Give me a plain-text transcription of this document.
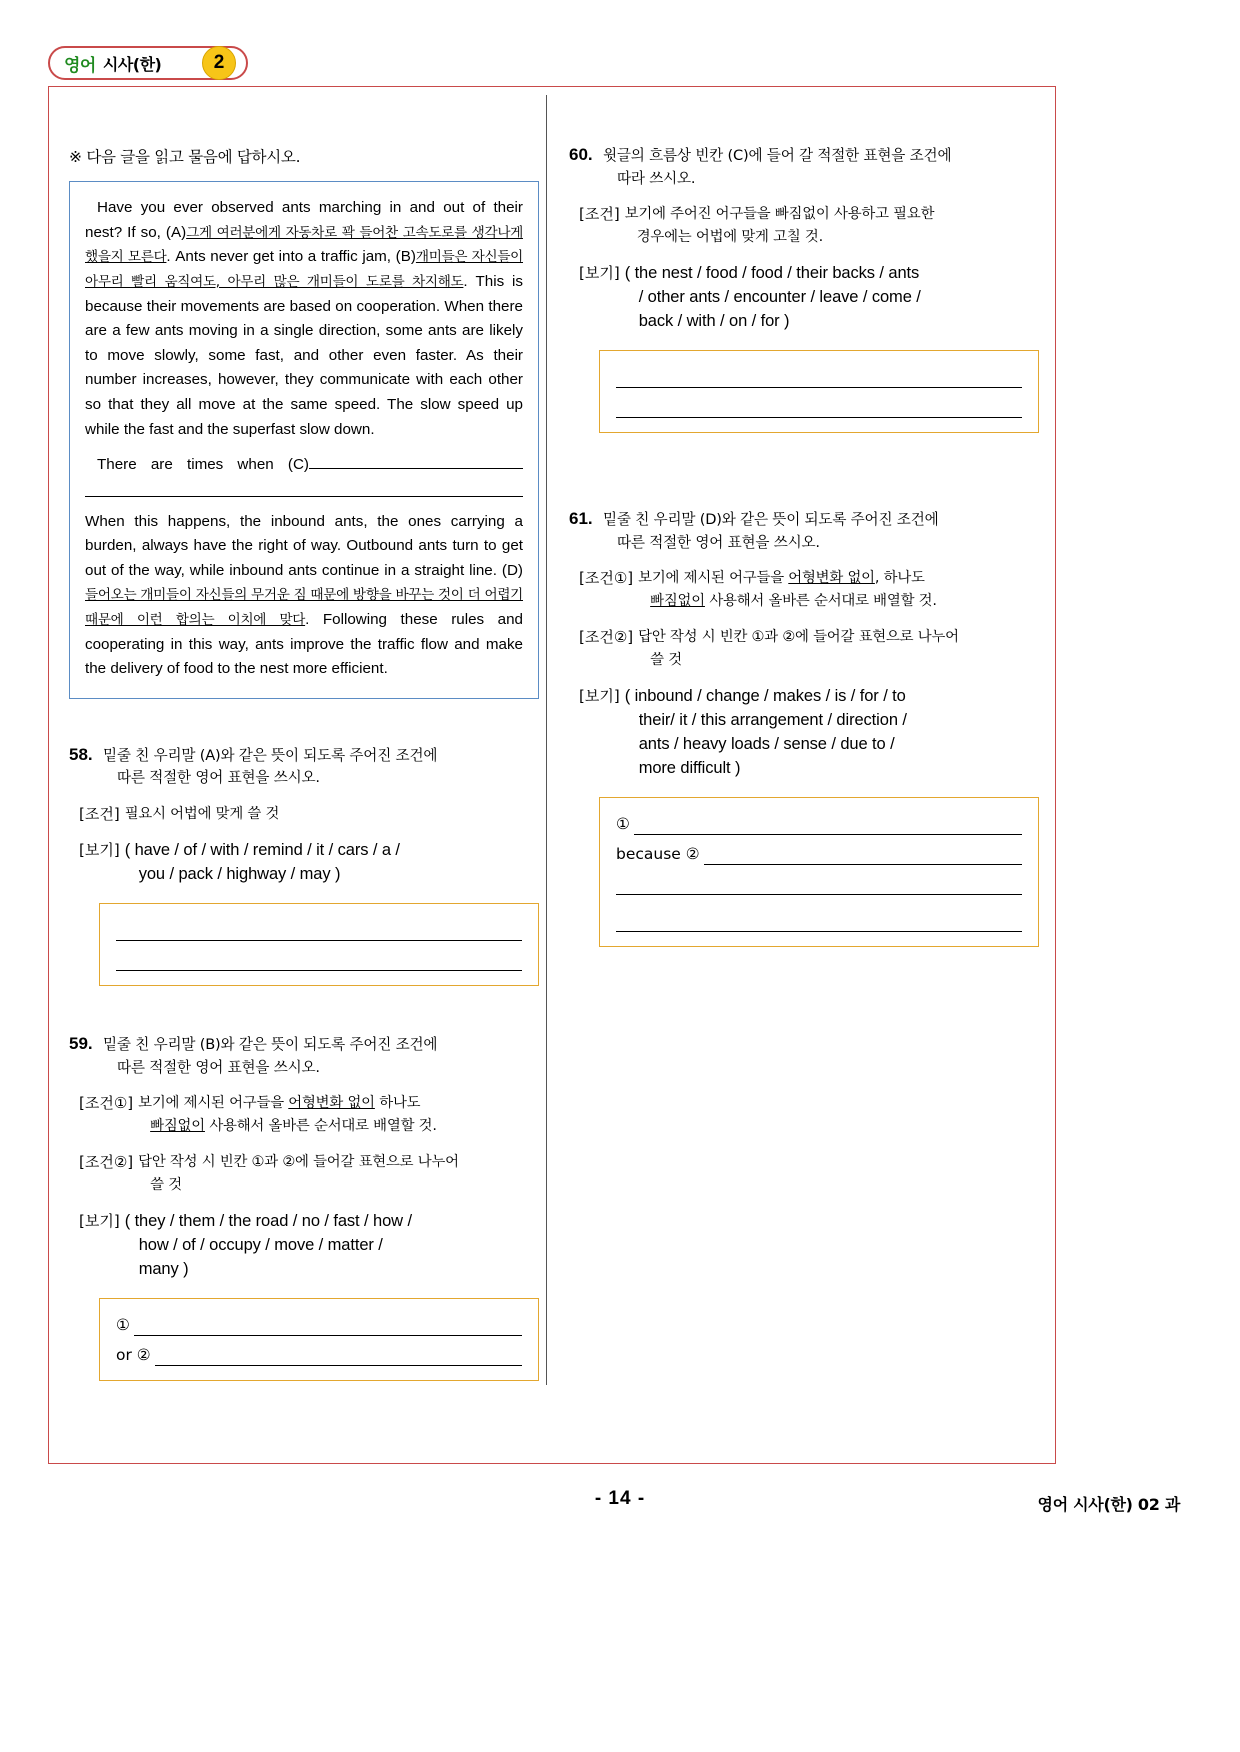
영어 시사(한)	2
※ 다음 글을 읽고 물음에 답하시오.

Have you ever observed ants marching in and out of their nest? If so, (A)그게 여러분에게 자동차로 꽉 들어찬 고속도로를 생각나게 했을지 모른다. Ants never get into a traffic jam, (B)개미들은 자신들이 아무리 빨리 움직여도, 아무리 많은 개미들이 도로를 차지해도. This is because their movements are based on cooperation. When there are a few ants moving in a single direction, some ants are likely to move slowly, some fast, and other even faster. As their number increases, however, they communicate with each other so that they all move at the same speed. The slow speed up while the fast and the superfast slow down.

There are times when (C)

When this happens, the inbound ants, the ones carrying a burden, always have the right of way. Outbound ants turn to get out of the way, while inbound ants continue in a straight line. (D)들어오는 개미들이 자신들의 무거운 짐 때문에 방향을 바꾸는 것이 더 어렵기 때문에 이런 합의는 이치에 맞다. Following these rules and cooperating in this way, ants improve the traffic flow and make the delivery of food to the nest more efficient.

58. 밑줄 친 우리말 (A)와 같은 뜻이 되도록 주어진 조건에
따른 적절한 영어 표현을 쓰시오.
[조건] 필요시 어법에 맞게 쓸 것
[보기] ( have / of / with / remind / it / cars / a /
you / pack / highway / may )
59. 밑줄 친 우리말 (B)와 같은 뜻이 되도록 주어진 조건에
따른 적절한 영어 표현을 쓰시오.
[조건①] 보기에 제시된 어구들을 어형변화 없이 하나도
빠짐없이 사용해서 올바른 순서대로 배열할 것.
[조건②] 답안 작성 시 빈칸 ①과 ②에 들어갈 표현으로 나누어
쓸 것
[보기] ( they / them / the road / no / fast / how /
how / of / occupy / move / matter /
many )
①
or ②
60. 윗글의 흐름상 빈칸 (C)에 들어 갈 적절한 표현을 조건에
따라 쓰시오.
[조건] 보기에 주어진 어구들을 빠짐없이 사용하고 필요한
경우에는 어법에 맞게 고칠 것.
[보기] ( the nest / food / food / their backs / ants
/ other ants / encounter / leave / come /
back / with / on / for )
61. 밑줄 친 우리말 (D)와 같은 뜻이 되도록 주어진 조건에
따른 적절한 영어 표현을 쓰시오.
[조건①] 보기에 제시된 어구들을 어형변화 없이, 하나도
빠짐없이 사용해서 올바른 순서대로 배열할 것.
[조건②] 답안 작성 시 빈칸 ①과 ②에 들어갈 표현으로 나누어
쓸 것
[보기] ( inbound / change / makes / is / for / to
their/ it / this arrangement / direction /
ants / heavy loads / sense / due to /
more difficult )
①
because ②
- 14 -	영어 시사(한) 02 과
